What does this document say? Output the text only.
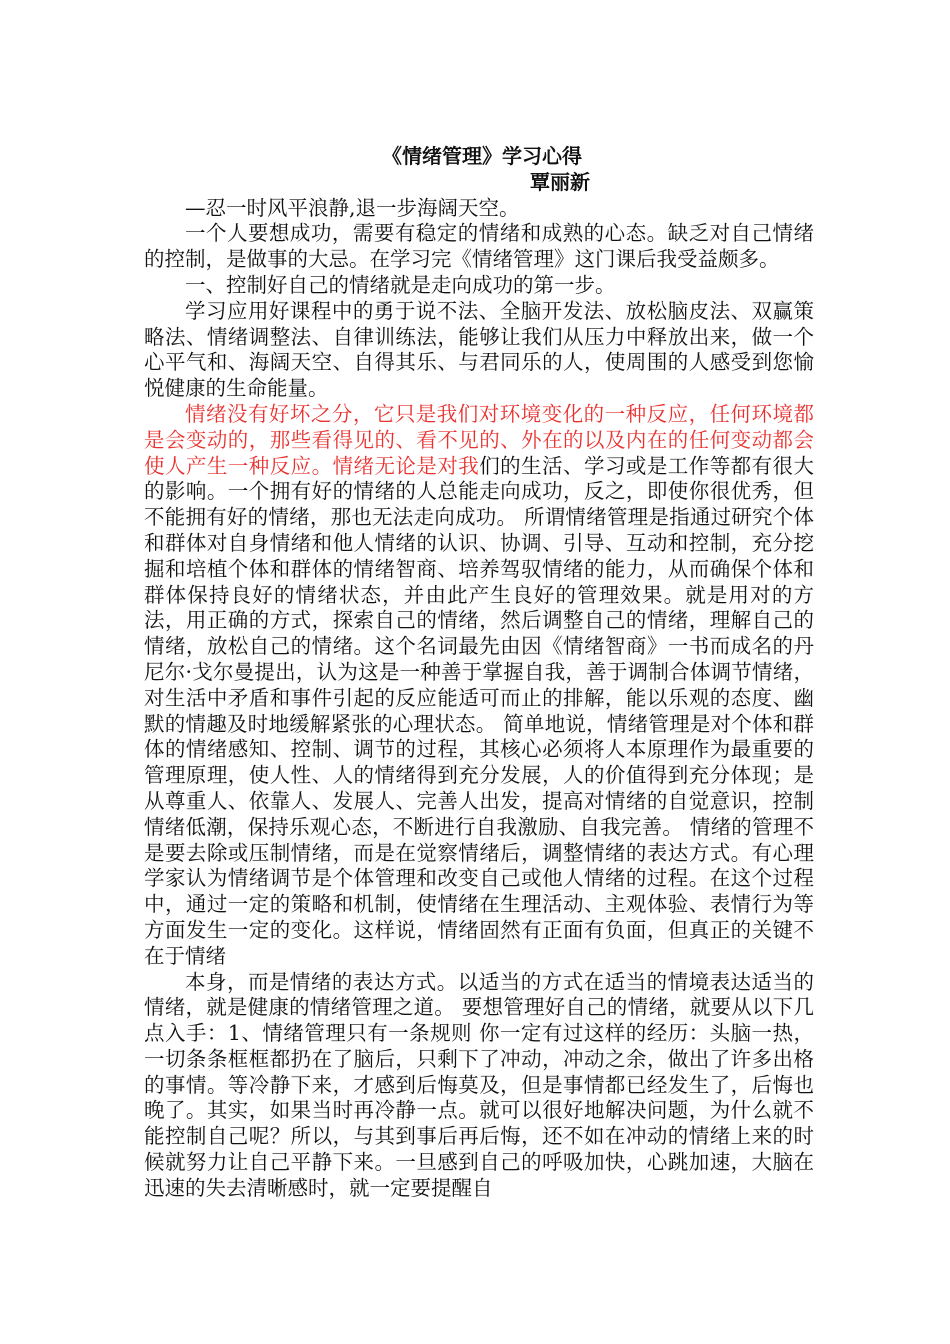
《情绪管理》学习心得
覃丽新

—忍一时风平浪静,退一步海阔天空。

一个人要想成功，需要有稳定的情绪和成熟的心态。缺乏对自己情绪的控制，是做事的大忌。在学习完《情绪管理》这门课后我受益颇多。

一、控制好自己的情绪就是走向成功的第一步。

学习应用好课程中的勇于说不法、全脑开发法、放松脑皮法、双赢策略法、情绪调整法、自律训练法，能够让我们从压力中释放出来，做一个心平气和、海阔天空、自得其乐、与君同乐的人，使周围的人感受到您愉悦健康的生命能量。

情绪没有好坏之分，它只是我们对环境变化的一种反应，任何环境都是会变动的，那些看得见的、看不见的、外在的以及内在的任何变动都会使人产生一种反应。情绪无论是对我们的生活、学习或是工作等都有很大的影响。一个拥有好的情绪的人总能走向成功，反之，即使你很优秀，但不能拥有好的情绪，那也无法走向成功。 所谓情绪管理是指通过研究个体和群体对自身情绪和他人情绪的认识、协调、引导、互动和控制，充分挖掘和培植个体和群体的情绪智商、培养驾驭情绪的能力，从而确保个体和群体保持良好的情绪状态，并由此产生良好的管理效果。就是用对的方法，用正确的方式，探索自己的情绪，然后调整自己的情绪，理解自己的情绪，放松自己的情绪。这个名词最先由因《情绪智商》一书而成名的丹尼尔·戈尔曼提出，认为这是一种善于掌握自我，善于调制合体调节情绪，对生活中矛盾和事件引起的反应能适可而止的排解，能以乐观的态度、幽默的情趣及时地缓解紧张的心理状态。 简单地说，情绪管理是对个体和群体的情绪感知、控制、调节的过程，其核心必须将人本原理作为最重要的管理原理，使人性、人的情绪得到充分发展，人的价值得到充分体现；是从尊重人、依靠人、发展人、完善人出发，提高对情绪的自觉意识，控制情绪低潮，保持乐观心态，不断进行自我激励、自我完善。 情绪的管理不是要去除或压制情绪，而是在觉察情绪后，调整情绪的表达方式。有心理学家认为情绪调节是个体管理和改变自己或他人情绪的过程。在这个过程中，通过一定的策略和机制，使情绪在生理活动、主观体验、表情行为等方面发生一定的变化。这样说，情绪固然有正面有负面，但真正的关键不在于情绪

本身，而是情绪的表达方式。以适当的方式在适当的情境表达适当的情绪，就是健康的情绪管理之道。 要想管理好自己的情绪，就要从以下几点入手：1、情绪管理只有一条规则 你一定有过这样的经历：头脑一热，一切条条框框都扔在了脑后，只剩下了冲动，冲动之余，做出了许多出格的事情。等冷静下来，才感到后悔莫及，但是事情都已经发生了，后悔也晚了。其实，如果当时再冷静一点。就可以很好地解决问题，为什么就不能控制自己呢？所以，与其到事后再后悔，还不如在冲动的情绪上来的时候就努力让自己平静下来。一旦感到自己的呼吸加快，心跳加速，大脑在迅速的失去清晰感时，就一定要提醒自
